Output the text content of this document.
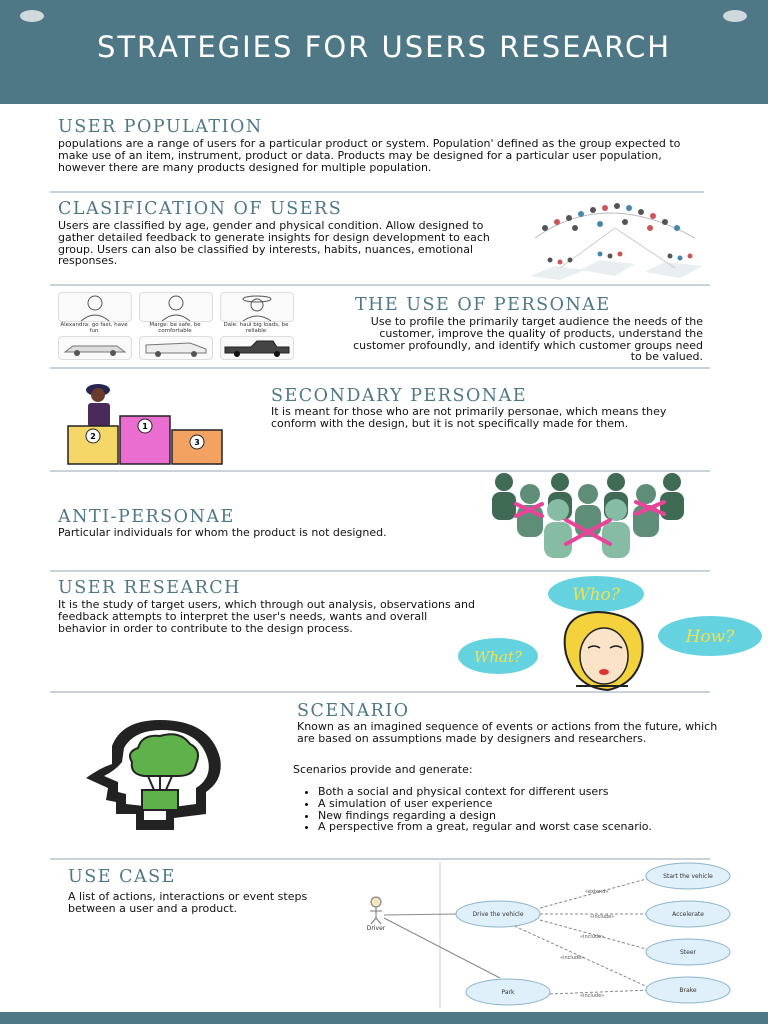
STRATEGIES FOR USERS RESEARCH
USER POPULATION
populations are a range of users for a particular product or system. Population' defined as the group expected to make use of an item, instrument, product or data. Products may be designed for a particular user population, however there are many products designed for multiple population.
CLASIFICATION OF USERS
Users are classified by age, gender and physical condition. Allow designed to gather detailed feedback to generate insights for design development to each group. Users can also be classified by interests, habits, nuances, emotional responses.
Alexandra: go fast, have fun
Marge: be safe, be comfortable
Dale: haul big loads, be reliable
THE USE OF PERSONAE
Use to profile the primarily target audience the needs of the customer, improve the quality of products, understand the customer profoundly, and identify which customer groups need to be valued.
2
1
3
SECONDARY PERSONAE
It is meant for those who are not primarily personae, which means they conform with the design, but it is not specifically made for them.
ANTI-PERSONAE
Particular individuals for whom the product is not designed.
USER RESEARCH
It is the study of target users, which through out analysis, observations and feedback attempts to interpret the user's needs, wants and overall behavior in order to contribute to the design process.
Who?
How?
What?
SCENARIO
Known as an imagined sequence of events or actions from the future, which are based on assumptions made by designers and researchers.
Scenarios provide and generate:
• Both a social and physical context for different users
• A simulation of user experience
• New findings regarding a design
• A perspective from a great, regular and worst case scenario.
USE CASE
A list of actions, interactions or event steps between a user and a product.
Driver
«extend»
«include»
«include»
«include»
«include»
Drive the vehicle
Park
Start the vehicle
Accelerate
Steer
Brake
